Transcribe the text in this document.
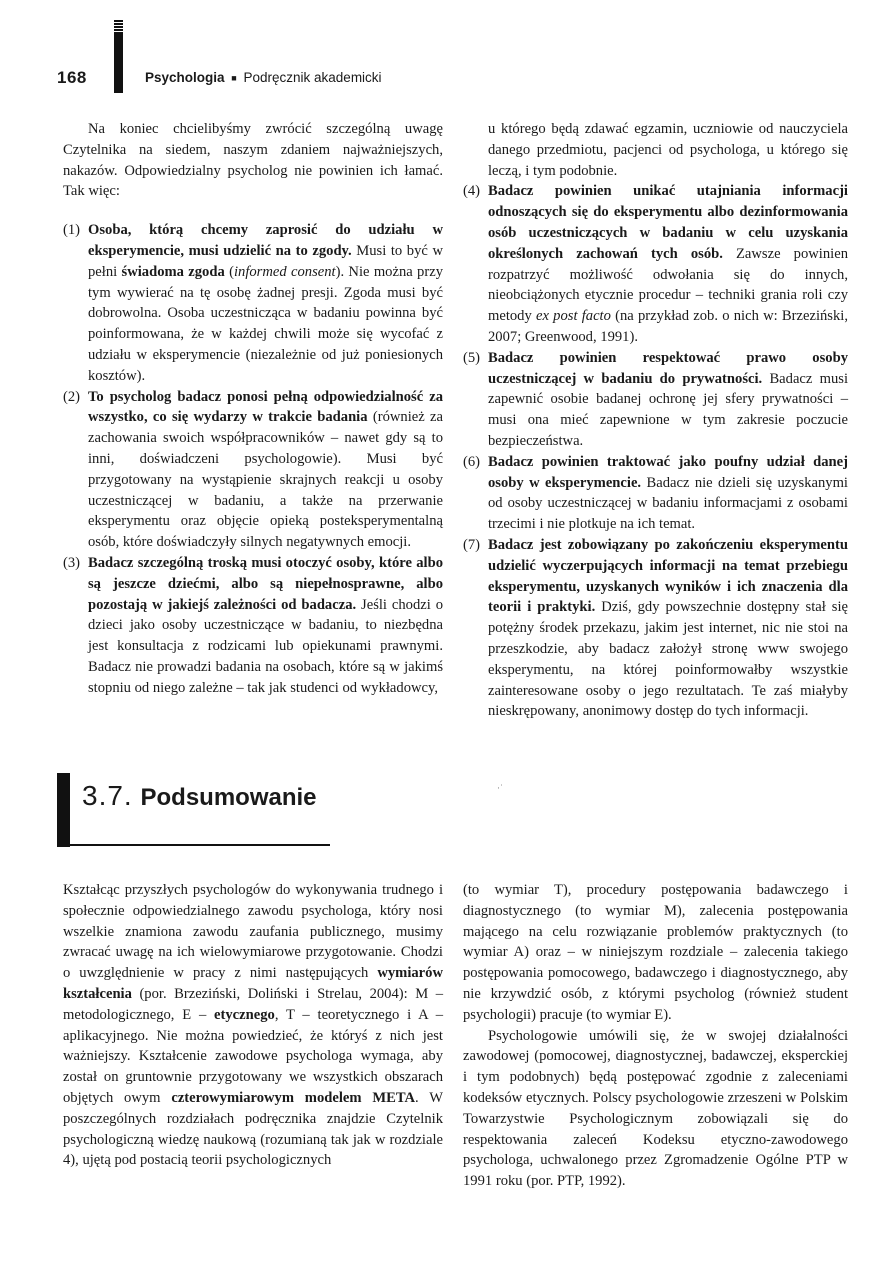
168	Psychologia ■ Podręcznik akademicki

Na koniec chcielibyśmy zwrócić szczególną uwagę Czytelnika na siedem, naszym zdaniem najważniejszych, nakazów. Odpowiedzialny psycholog nie powinien ich łamać. Tak więc:

(1) Osoba, którą chcemy zaprosić do udziału w eksperymencie, musi udzielić na to zgody. Musi to być w pełni świadoma zgoda (informed consent). Nie można przy tym wywierać na tę osobę żadnej presji. Zgoda musi być dobrowolna. Osoba uczestnicząca w badaniu powinna być poinformowana, że w każdej chwili może się wycofać z udziału w eksperymencie (niezależnie od już poniesionych kosztów).
(2) To psycholog badacz ponosi pełną odpowiedzialność za wszystko, co się wydarzy w trakcie badania (również za zachowania swoich współpracowników – nawet gdy są to inni, doświadczeni psychologowie). Musi być przygotowany na wystąpienie skrajnych reakcji u osoby uczestniczącej w badaniu, a także na przerwanie eksperymentu oraz objęcie opieką posteksperymentalną osób, które doświadczyły silnych negatywnych emocji.
(3) Badacz szczególną troską musi otoczyć osoby, które albo są jeszcze dziećmi, albo są niepełnosprawne, albo pozostają w jakiejś zależności od badacza. Jeśli chodzi o dzieci jako osoby uczestniczące w badaniu, to niezbędna jest konsultacja z rodzicami lub opiekunami prawnymi. Badacz nie prowadzi badania na osobach, które są w jakimś stopniu od niego zależne – tak jak studenci od wykładowcy,

u którego będą zdawać egzamin, uczniowie od nauczyciela danego przedmiotu, pacjenci od psychologa, u którego się leczą, i tym podobnie.

(4) Badacz powinien unikać utajniania informacji odnoszących się do eksperymentu albo dezinformowania osób uczestniczących w badaniu w celu uzyskania określonych zachowań tych osób. Zawsze powinien rozpatrzyć możliwość odwołania się do innych, nieobciążonych etycznie procedur – techniki grania roli czy metody ex post facto (na przykład zob. o nich w: Brzeziński, 2007; Greenwood, 1991).
(5) Badacz powinien respektować prawo osoby uczestniczącej w badaniu do prywatności. Badacz musi zapewnić osobie badanej ochronę jej sfery prywatności – musi ona mieć zapewnione w tym zakresie poczucie bezpieczeństwa.
(6) Badacz powinien traktować jako poufny udział danej osoby w eksperymencie. Badacz nie dzieli się uzyskanymi od osoby uczestniczącej w badaniu informacjami z osobami trzecimi i nie plotkuje na ich temat.
(7) Badacz jest zobowiązany po zakończeniu eksperymentu udzielić wyczerpujących informacji na temat przebiegu eksperymentu, uzyskanych wyników i ich znaczenia dla teorii i praktyki. Dziś, gdy powszechnie dostępny stał się potężny środek przekazu, jakim jest internet, nic nie stoi na przeszkodzie, aby badacz założył stronę www swojego eksperymentu, na której poinformowałby wszystkie zainteresowane osoby o jego rezultatach. Te zaś miałyby nieskrępowany, anonimowy dostęp do tych informacji.
·˙
3.7. Podsumowanie

Kształcąc przyszłych psychologów do wykonywania trudnego i społecznie odpowiedzialnego zawodu psychologa, który nosi wszelkie znamiona zawodu zaufania publicznego, musimy zwracać uwagę na ich wielowymiarowe przygotowanie. Chodzi o uwzględnienie w pracy z nimi następujących wymiarów kształcenia (por. Brzeziński, Doliński i Strelau, 2004): M – metodologicznego, E – etycznego, T – teoretycznego i A – aplikacyjnego. Nie można powiedzieć, że któryś z nich jest ważniejszy. Kształcenie zawodowe psychologa wymaga, aby został on gruntownie przygotowany we wszystkich obszarach objętych owym czterowymiarowym modelem META. W poszczególnych rozdziałach podręcznika znajdzie Czytelnik psychologiczną wiedzę naukową (rozumianą tak jak w rozdziale 4), ujętą pod postacią teorii psychologicznych

(to wymiar T), procedury postępowania badawczego i diagnostycznego (to wymiar M), zalecenia postępowania mającego na celu rozwiązanie problemów praktycznych (to wymiar A) oraz – w niniejszym rozdziale – zalecenia takiego postępowania pomocowego, badawczego i diagnostycznego, aby nie krzywdzić osób, z którymi psycholog (również student psychologii) pracuje (to wymiar E).

Psychologowie umówili się, że w swojej działalności zawodowej (pomocowej, diagnostycznej, badawczej, eksperckiej i tym podobnych) będą postępować zgodnie z zaleceniami kodeksów etycznych. Polscy psychologowie zrzeszeni w Polskim Towarzystwie Psychologicznym zobowiązali się do respektowania zaleceń Kodeksu etyczno-zawodowego psychologa, uchwalonego przez Zgromadzenie Ogólne PTP w 1991 roku (por. PTP, 1992).
